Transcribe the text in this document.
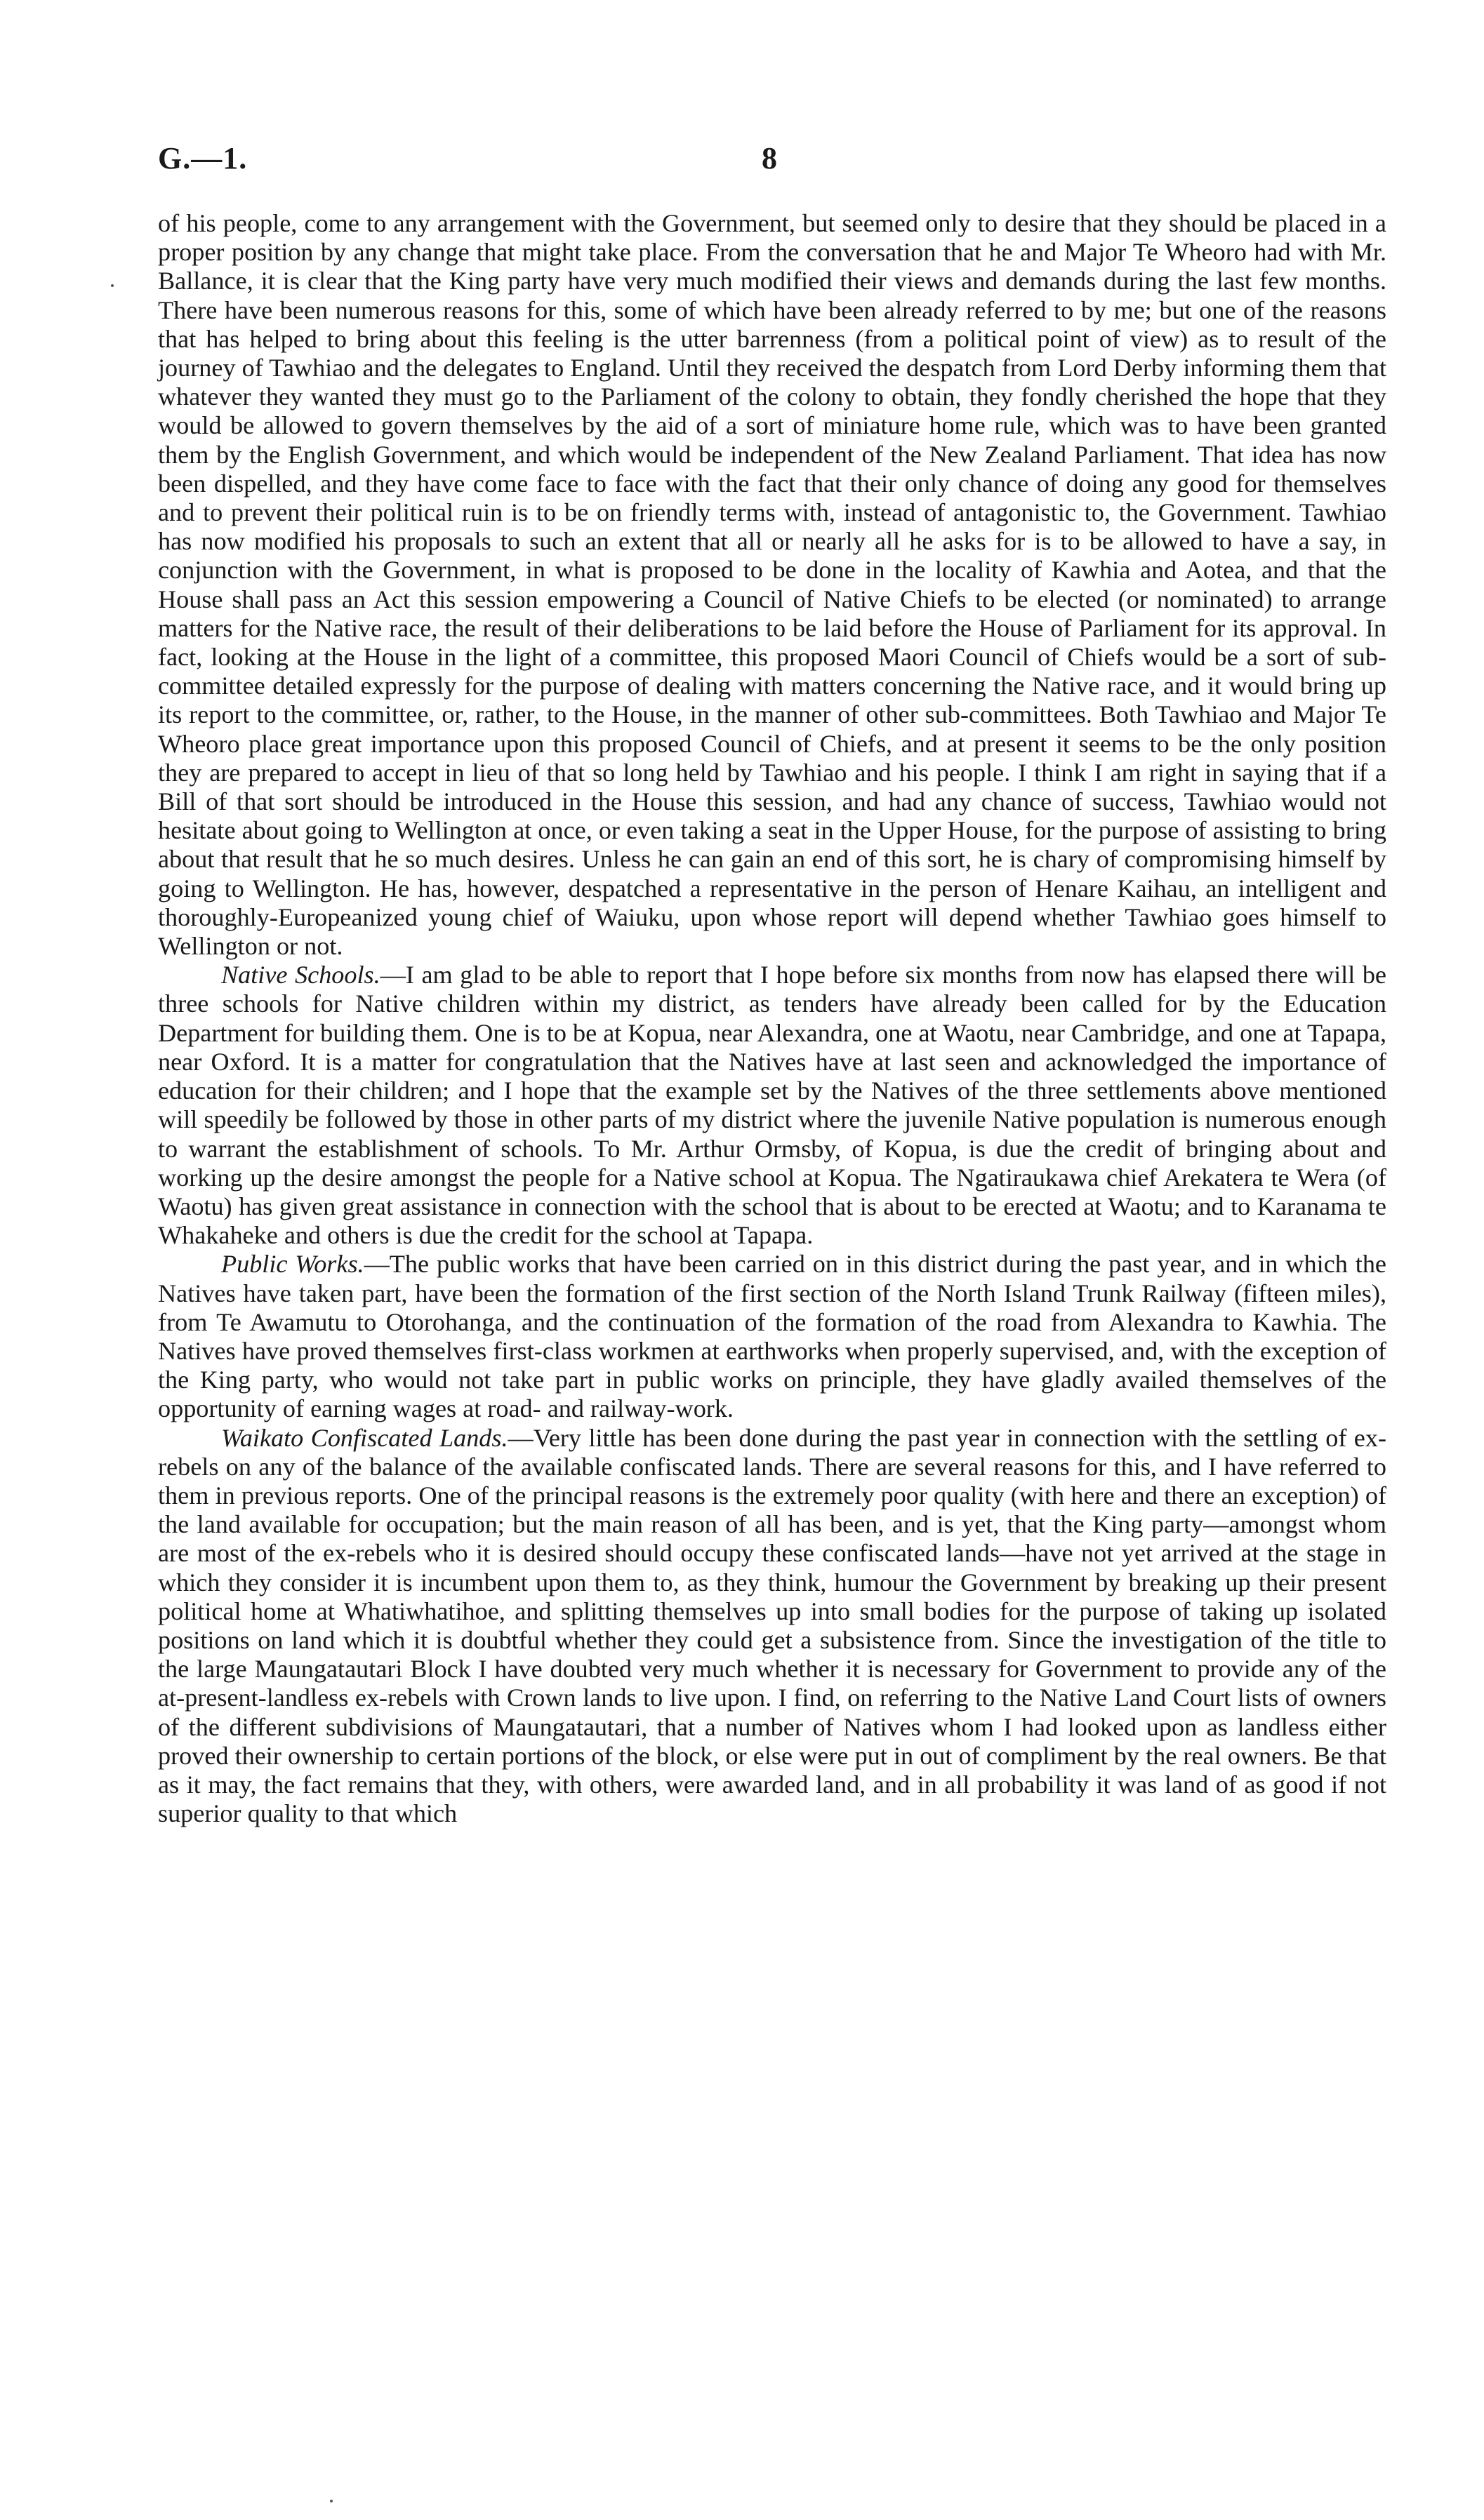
G.—1.	8

of his people, come to any arrangement with the Government, but seemed only to desire that they should be placed in a proper position by any change that might take place. From the conversation that he and Major Te Wheoro had with Mr. Ballance, it is clear that the King party have very much modified their views and demands during the last few months. There have been numerous reasons for this, some of which have been already referred to by me; but one of the reasons that has helped to bring about this feeling is the utter barrenness (from a political point of view) as to result of the journey of Tawhiao and the delegates to England. Until they received the despatch from Lord Derby informing them that whatever they wanted they must go to the Parliament of the colony to obtain, they fondly cherished the hope that they would be allowed to govern themselves by the aid of a sort of miniature home rule, which was to have been granted them by the English Government, and which would be independent of the New Zealand Parliament. That idea has now been dispelled, and they have come face to face with the fact that their only chance of doing any good for themselves and to prevent their political ruin is to be on friendly terms with, instead of antagonistic to, the Government. Tawhiao has now modified his proposals to such an extent that all or nearly all he asks for is to be allowed to have a say, in conjunction with the Government, in what is proposed to be done in the locality of Kawhia and Aotea, and that the House shall pass an Act this session empowering a Council of Native Chiefs to be elected (or nominated) to arrange matters for the Native race, the result of their deliberations to be laid before the House of Parliament for its approval. In fact, looking at the House in the light of a committee, this proposed Maori Council of Chiefs would be a sort of sub-committee detailed expressly for the purpose of dealing with matters concerning the Native race, and it would bring up its report to the committee, or, rather, to the House, in the manner of other sub-committees. Both Tawhiao and Major Te Wheoro place great importance upon this proposed Council of Chiefs, and at present it seems to be the only position they are prepared to accept in lieu of that so long held by Tawhiao and his people. I think I am right in saying that if a Bill of that sort should be introduced in the House this session, and had any chance of success, Tawhiao would not hesitate about going to Wellington at once, or even taking a seat in the Upper House, for the purpose of assisting to bring about that result that he so much desires. Unless he can gain an end of this sort, he is chary of compromising himself by going to Wellington. He has, however, despatched a representative in the person of Henare Kaihau, an intelligent and thoroughly-Europeanized young chief of Waiuku, upon whose report will depend whether Tawhiao goes himself to Wellington or not.

Native Schools.—I am glad to be able to report that I hope before six months from now has elapsed there will be three schools for Native children within my district, as tenders have already been called for by the Education Department for building them. One is to be at Kopua, near Alexandra, one at Waotu, near Cambridge, and one at Tapapa, near Oxford. It is a matter for congratulation that the Natives have at last seen and acknowledged the importance of education for their children; and I hope that the example set by the Natives of the three settlements above mentioned will speedily be followed by those in other parts of my district where the juvenile Native population is numerous enough to warrant the establishment of schools. To Mr. Arthur Ormsby, of Kopua, is due the credit of bringing about and working up the desire amongst the people for a Native school at Kopua. The Ngatiraukawa chief Arekatera te Wera (of Waotu) has given great assistance in connection with the school that is about to be erected at Waotu; and to Karanama te Whakaheke and others is due the credit for the school at Tapapa.

Public Works.—The public works that have been carried on in this district during the past year, and in which the Natives have taken part, have been the formation of the first section of the North Island Trunk Railway (fifteen miles), from Te Awamutu to Otorohanga, and the continuation of the formation of the road from Alexandra to Kawhia. The Natives have proved themselves first-class workmen at earthworks when properly supervised, and, with the exception of the King party, who would not take part in public works on principle, they have gladly availed themselves of the opportunity of earning wages at road- and railway-work.

Waikato Confiscated Lands.—Very little has been done during the past year in connection with the settling of ex-rebels on any of the balance of the available confiscated lands. There are several reasons for this, and I have referred to them in previous reports. One of the principal reasons is the extremely poor quality (with here and there an exception) of the land available for occupation; but the main reason of all has been, and is yet, that the King party—amongst whom are most of the ex-rebels who it is desired should occupy these confiscated lands—have not yet arrived at the stage in which they consider it is incumbent upon them to, as they think, humour the Government by breaking up their present political home at Whatiwhatihoe, and splitting themselves up into small bodies for the purpose of taking up isolated positions on land which it is doubtful whether they could get a subsistence from. Since the investigation of the title to the large Maungatautari Block I have doubted very much whether it is necessary for Government to provide any of the at-present-landless ex-rebels with Crown lands to live upon. I find, on referring to the Native Land Court lists of owners of the different subdivisions of Maungatautari, that a number of Natives whom I had looked upon as landless either proved their ownership to certain portions of the block, or else were put in out of compliment by the real owners. Be that as it may, the fact remains that they, with others, were awarded land, and in all probability it was land of as good if not superior quality to that which
